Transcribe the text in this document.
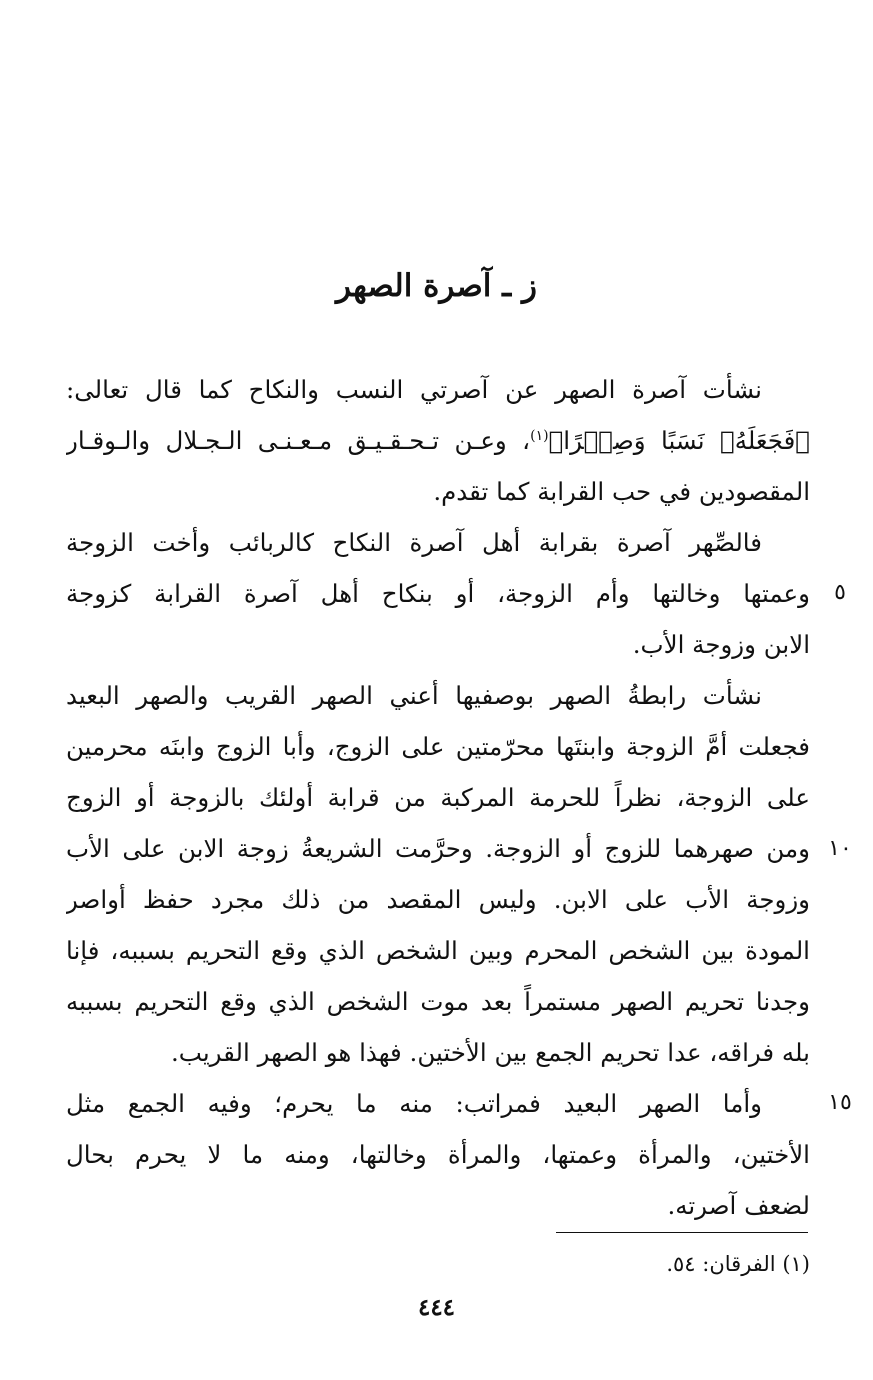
ز ـ آصرة الصهر
نشأت آصرة الصهر عن آصرتي النسب والنكاح كما قال تعالى:
﴿فَجَعَلَهُۥ نَسَبًا وَصِهۡرًا﴾$^{(١)}$، وعـن تـحـقـيـق مـعـنـى الـجـلال والـوقـار
المقصودين في حب القرابة كما تقدم.
فالصِّهر آصرة بقرابة أهل آصرة النكاح كالربائب وأخت الزوجة
وعمتها وخالتها وأم الزوجة، أو بنكاح أهل آصرة القرابة كزوجة
الابن وزوجة الأب.
نشأت رابطةُ الصهر بوصفيها أعني الصهر القريب والصهر البعيد
فجعلت أمَّ الزوجة وابنتَها محرّمتين على الزوج، وأبا الزوج وابنَه محرمين
على الزوجة، نظراً للحرمة المركبة من قرابة أولئك بالزوجة أو الزوج
ومن صهرهما للزوج أو الزوجة. وحرَّمت الشريعةُ زوجة الابن على الأب
وزوجة الأب على الابن. وليس المقصد من ذلك مجرد حفظ أواصر
المودة بين الشخص المحرم وبين الشخص الذي وقع التحريم بسببه، فإنا
وجدنا تحريم الصهر مستمراً بعد موت الشخص الذي وقع التحريم بسببه
بله فراقه، عدا تحريم الجمع بين الأختين. فهذا هو الصهر القريب.
وأما الصهر البعيد فمراتب: منه ما يحرم؛ وفيه الجمع مثل
الأختين، والمرأة وعمتها، والمرأة وخالتها، ومنه ما لا يحرم بحال
لضعف آصرته.
٥
١٠
١٥
(١) الفرقان: ٥٤.
٤٤٤
